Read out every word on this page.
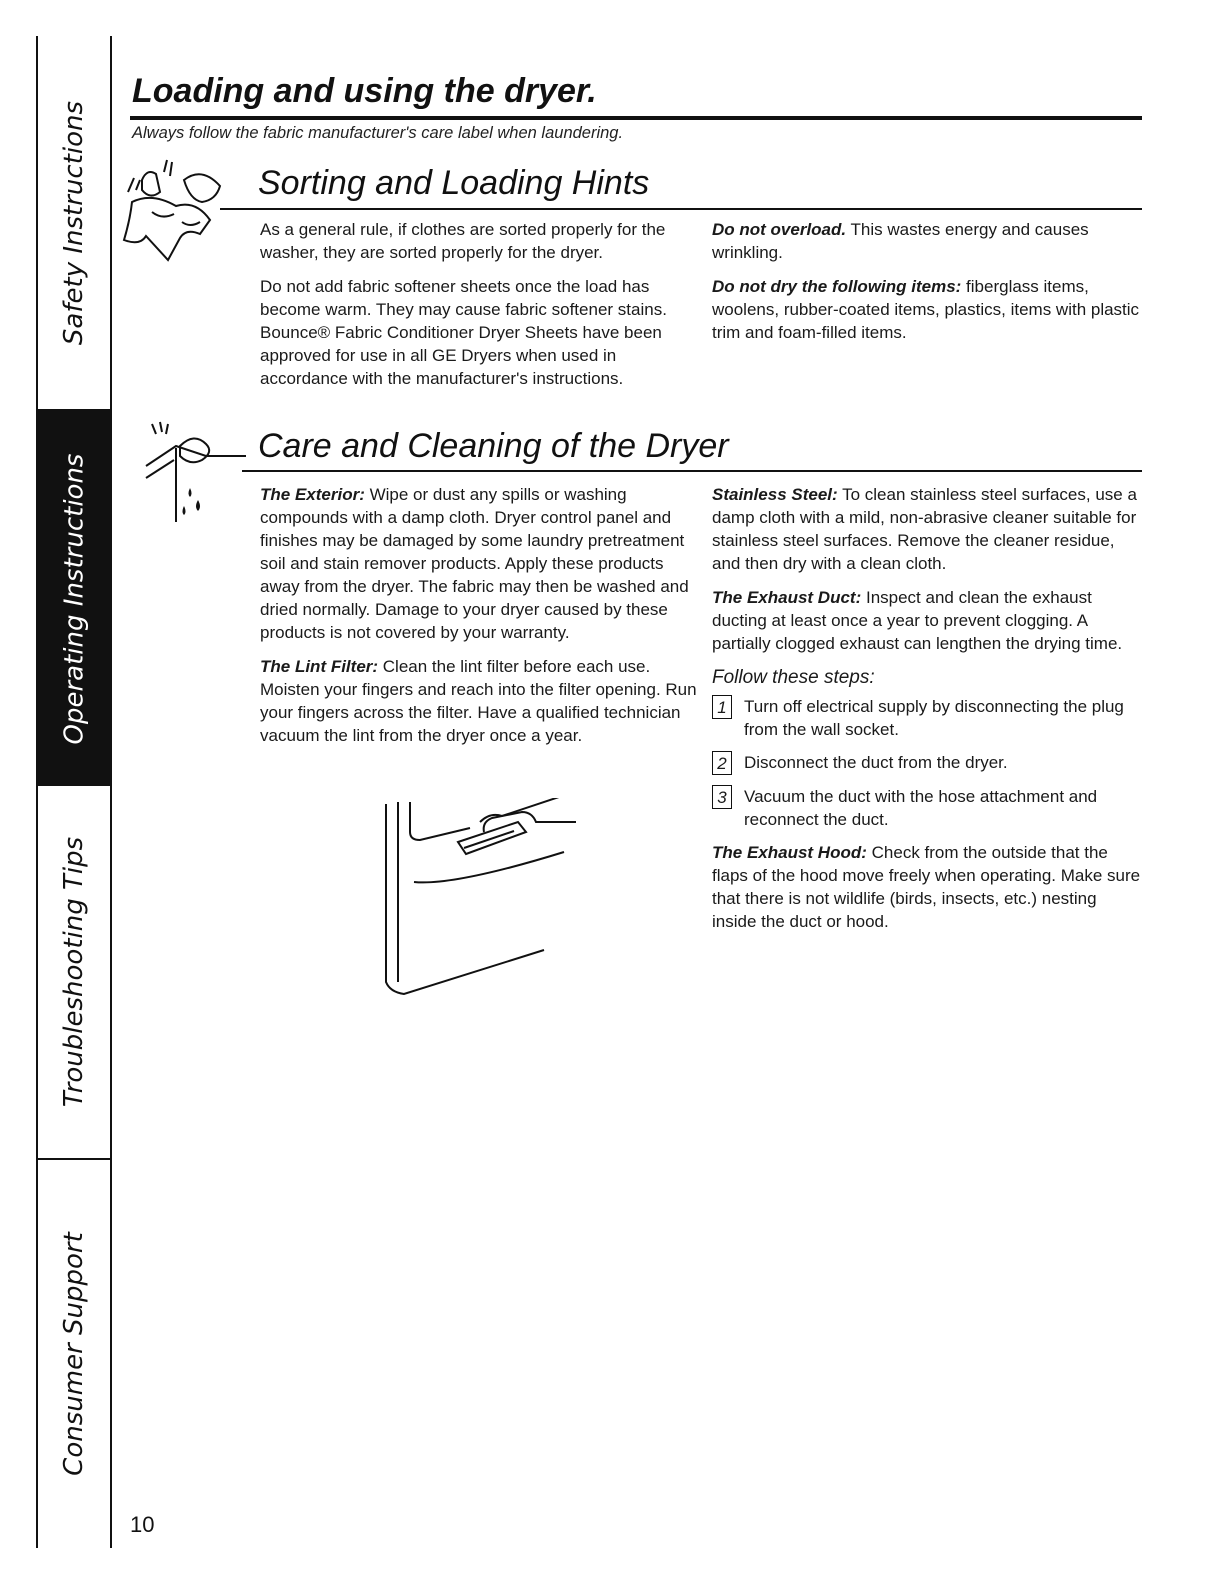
Safety Instructions
Operating Instructions
Troubleshooting Tips
Consumer Support
10
Loading and using the dryer.
Always follow the fabric manufacturer's care label when laundering.
Sorting and Loading Hints

As a general rule, if clothes are sorted properly for the washer, they are sorted properly for the dryer.

Do not add fabric softener sheets once the load has become warm. They may cause fabric softener stains. Bounce® Fabric Conditioner Dryer Sheets have been approved for use in all GE Dryers when used in accordance with the manufacturer's instructions.

Do not overload. This wastes energy and causes wrinkling.

Do not dry the following items: fiberglass items, woolens, rubber-coated items, plastics, items with plastic trim and foam-filled items.

Care and Cleaning of the Dryer

The Exterior: Wipe or dust any spills or washing compounds with a damp cloth. Dryer control panel and finishes may be damaged by some laundry pretreatment soil and stain remover products. Apply these products away from the dryer. The fabric may then be washed and dried normally. Damage to your dryer caused by these products is not covered by your warranty.

The Lint Filter: Clean the lint filter before each use. Moisten your fingers and reach into the filter opening. Run your fingers across the filter. Have a qualified technician vacuum the lint from the dryer once a year.

Stainless Steel: To clean stainless steel surfaces, use a damp cloth with a mild, non-abrasive cleaner suitable for stainless steel surfaces. Remove the cleaner residue, and then dry with a clean cloth.

The Exhaust Duct: Inspect and clean the exhaust ducting at least once a year to prevent clogging. A partially clogged exhaust can lengthen the drying time.

Follow these steps:
1	Turn off electrical supply by disconnecting the plug from the wall socket.
2	Disconnect the duct from the dryer.
3	Vacuum the duct with the hose attachment and reconnect the duct.

The Exhaust Hood: Check from the outside that the flaps of the hood move freely when operating. Make sure that there is not wildlife (birds, insects, etc.) nesting inside the duct or hood.
